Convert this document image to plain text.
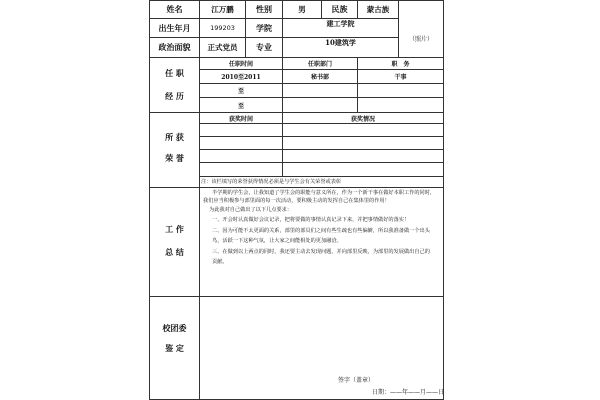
姓名	江万鹏	性别	男	民族	蒙古族
（照片）
出生年月	199203	学院	建工学院
政治面貌	正式党员	专业	10建筑学
任 职
经 历
任职时间	任职部门	职　务
2010至2011	秘书部	干事
至
至
所 获
荣 誉
获奖时间	获奖情况
注：该栏填写的荣誉获得情况必须是与学生会有关荣誉或表彰
工 作
总 结
半学期的学生会，让我知道了学生会的职能与意义所在，作为一个新干事在做好本职工作的同时，
我们应当积极参与部里面的每一次活动，要积极主动的发挥自己在集体里的作用！
为此我对自己做出了以下几点要求：
一、开会时认真做好会议记录，把将要做的事情认真记录下来，并把事情做好的落实！
二、因为可能不太更面的关系，部里的部员们之间有些生疏也有些偏僻，所以我准备做一个出头
鸟，活跃一下这种气氛，让大家之间能相处的更加融洽。
三、在做到以上两点的同时，我还要主动去发现问题，并向部里反映，为部里的发展做出自己的
贡献。
校团委
鉴 定
签字（盖章）
日期：——年——月——日
